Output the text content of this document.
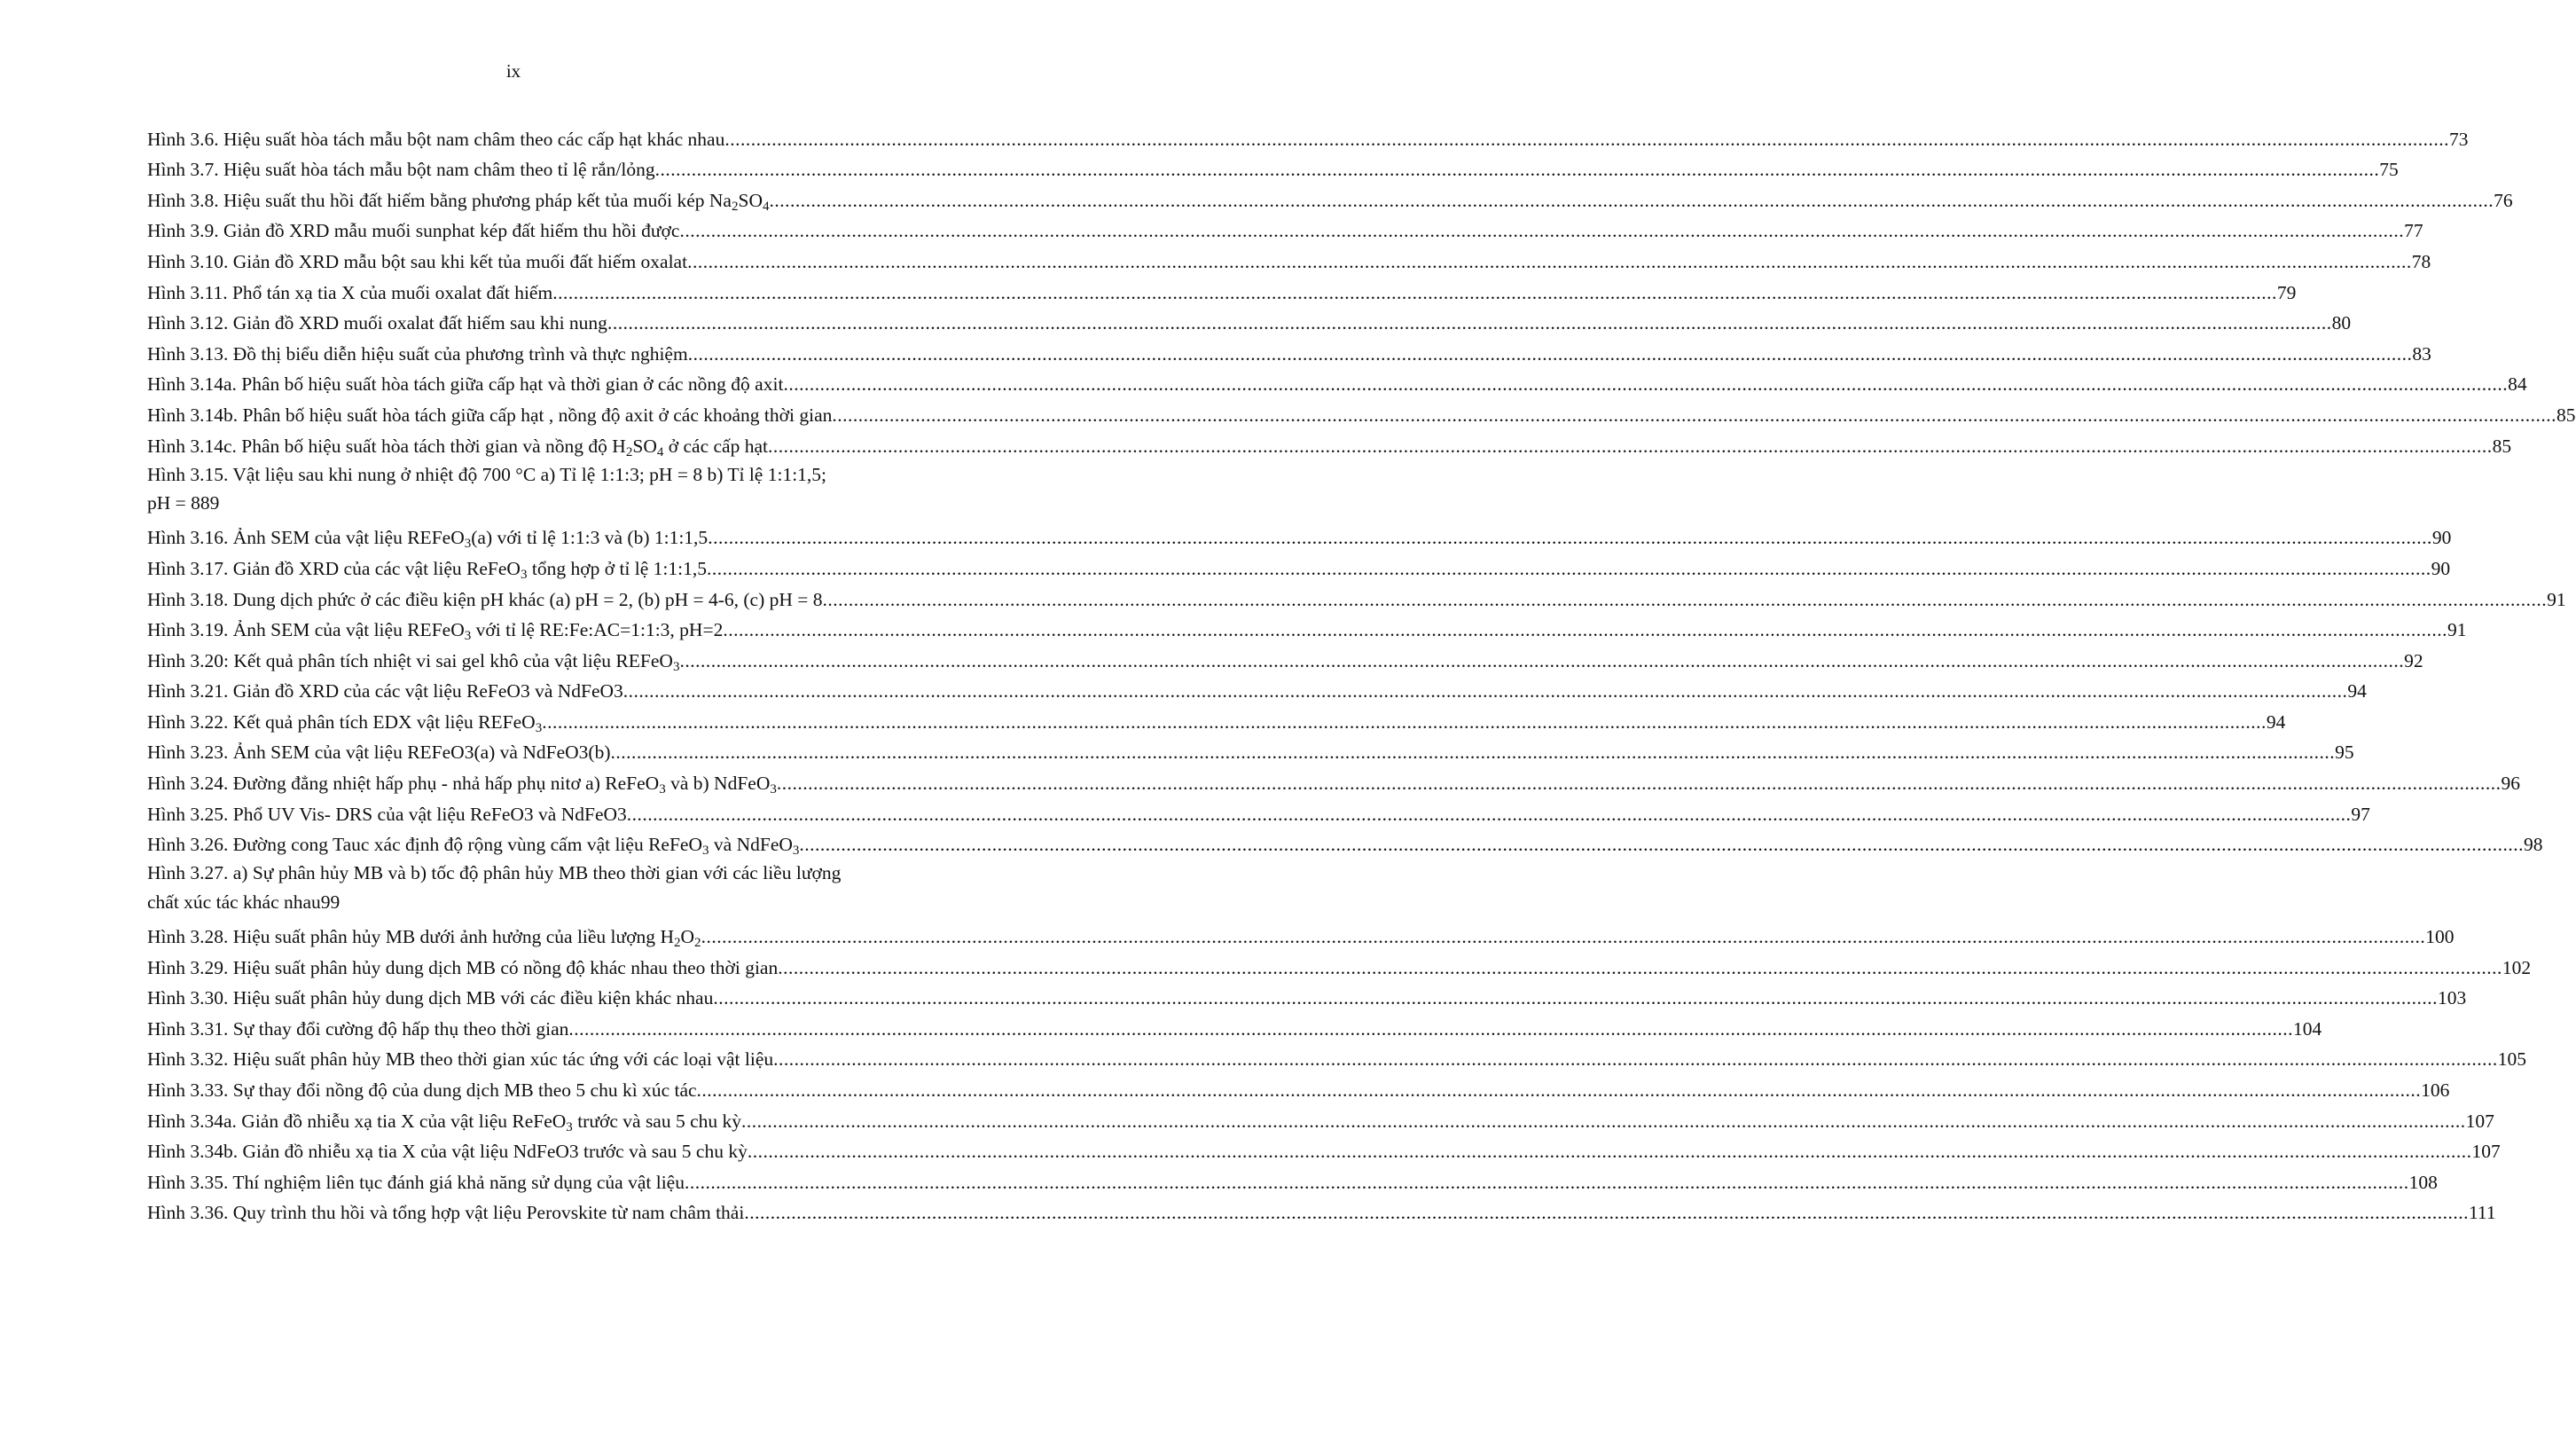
ix
Hình 3.6. Hiệu suất hòa tách mẫu bột nam châm theo các cấp hạt khác nhau .....	73
Hình 3.7. Hiệu suất hòa tách mẫu bột nam châm theo tỉ lệ rắn/lỏng .....	75
Hình 3.8. Hiệu suất thu hồi đất hiếm bằng phương pháp kết tủa muối kép $Na_2SO_4$ .....	76
Hình 3.9. Giản đồ XRD mẫu muối sunphat kép đất hiếm thu hồi được .....	77
Hình 3.10. Giản đồ XRD mẫu bột sau khi kết tủa muối đất hiếm oxalat .....	78
Hình 3.11. Phổ tán xạ tia X của muối oxalat đất hiếm .....	79
Hình 3.12. Giản đồ XRD muối oxalat đất hiếm sau khi nung .....	80
Hình 3.13. Đồ thị biểu diễn hiệu suất của phương trình và thực nghiệm .....	83
Hình 3.14a. Phân bố hiệu suất hòa tách giữa cấp hạt và thời gian ở các nồng độ axit .....	84
Hình 3.14b. Phân bố hiệu suất hòa tách giữa cấp hạt , nồng độ axit ở các khoảng thời gian .....	85
Hình 3.14c. Phân bố hiệu suất hòa tách thời gian và nồng độ $H_2SO_4$ ở các cấp hạt .....	85
Hình 3.15. Vật liệu sau khi nung ở nhiệt độ 700 °C a) Tỉ lệ 1:1:3; pH = 8 b) Tỉ lệ 1:1:1,5;
pH = 8 89
Hình 3.16. Ảnh SEM của vật liệu REFeO$_3$(a) với tỉ lệ 1:1:3 và (b) 1:1:1,5 .....	90
Hình 3.17. Giản đồ XRD của các vật liệu ReFeO$_3$ tổng hợp ở tỉ lệ 1:1:1,5 .....	90
Hình 3.18. Dung dịch phức ở các điều kiện pH khác (a) pH = 2, (b) pH = 4-6, (c) pH = 8 .....	91
Hình 3.19. Ảnh SEM của vật liệu REFeO$_3$ với tỉ lệ RE:Fe:AC=1:1:3, pH=2 .....	91
Hình 3.20: Kết quả phân tích nhiệt vi sai gel khô của vật liệu REFeO$_3$ .....	92
Hình 3.21. Giản đồ XRD của các vật liệu ReFeO3 và NdFeO3 .....	94
Hình 3.22. Kết quả phân tích EDX vật liệu REFeO$_3$ .....	94
Hình 3.23. Ảnh SEM của vật liệu REFeO3(a) và NdFeO3(b) .....	95
Hình 3.24. Đường đẳng nhiệt hấp phụ - nhả hấp phụ nitơ a) ReFeO$_3$ và b) NdFeO$_3$ .....	96
Hình 3.25. Phổ UV Vis- DRS của vật liệu ReFeO3 và NdFeO3 .....	97
Hình 3.26. Đường cong Tauc xác định độ rộng vùng cấm vật liệu ReFeO$_3$ và NdFeO$_3$ .....	98
Hình 3.27. a) Sự phân hủy MB và b) tốc độ phân hủy MB theo thời gian với các liều lượng
chất xúc tác khác nhau 99
Hình 3.28. Hiệu suất phân hủy MB dưới ảnh hưởng của liều lượng $H_2O_2$ .....	100
Hình 3.29. Hiệu suất phân hủy dung dịch MB có nồng độ khác nhau theo thời gian .....	102
Hình 3.30. Hiệu suất phân hủy dung dịch MB với các điều kiện khác nhau .....	103
Hình 3.31. Sự thay đổi cường độ hấp thụ theo thời gian .....	104
Hình 3.32. Hiệu suất phân hủy MB theo thời gian xúc tác ứng với các loại vật liệu .....	105
Hình 3.33. Sự thay đổi nồng độ của dung dịch MB theo 5 chu kì xúc tác .....	106
Hình 3.34a. Giản đồ nhiễu xạ tia X của vật liệu ReFeO$_3$ trước và sau 5 chu kỳ .....	107
Hình 3.34b. Giản đồ nhiễu xạ tia X của vật liệu NdFeO3 trước và sau 5 chu kỳ .....	107
Hình 3.35. Thí nghiệm liên tục đánh giá khả năng sử dụng của vật liệu .....	108
Hình 3.36. Quy trình thu hồi và tổng hợp vật liệu Perovskite từ nam châm thải .....	111
